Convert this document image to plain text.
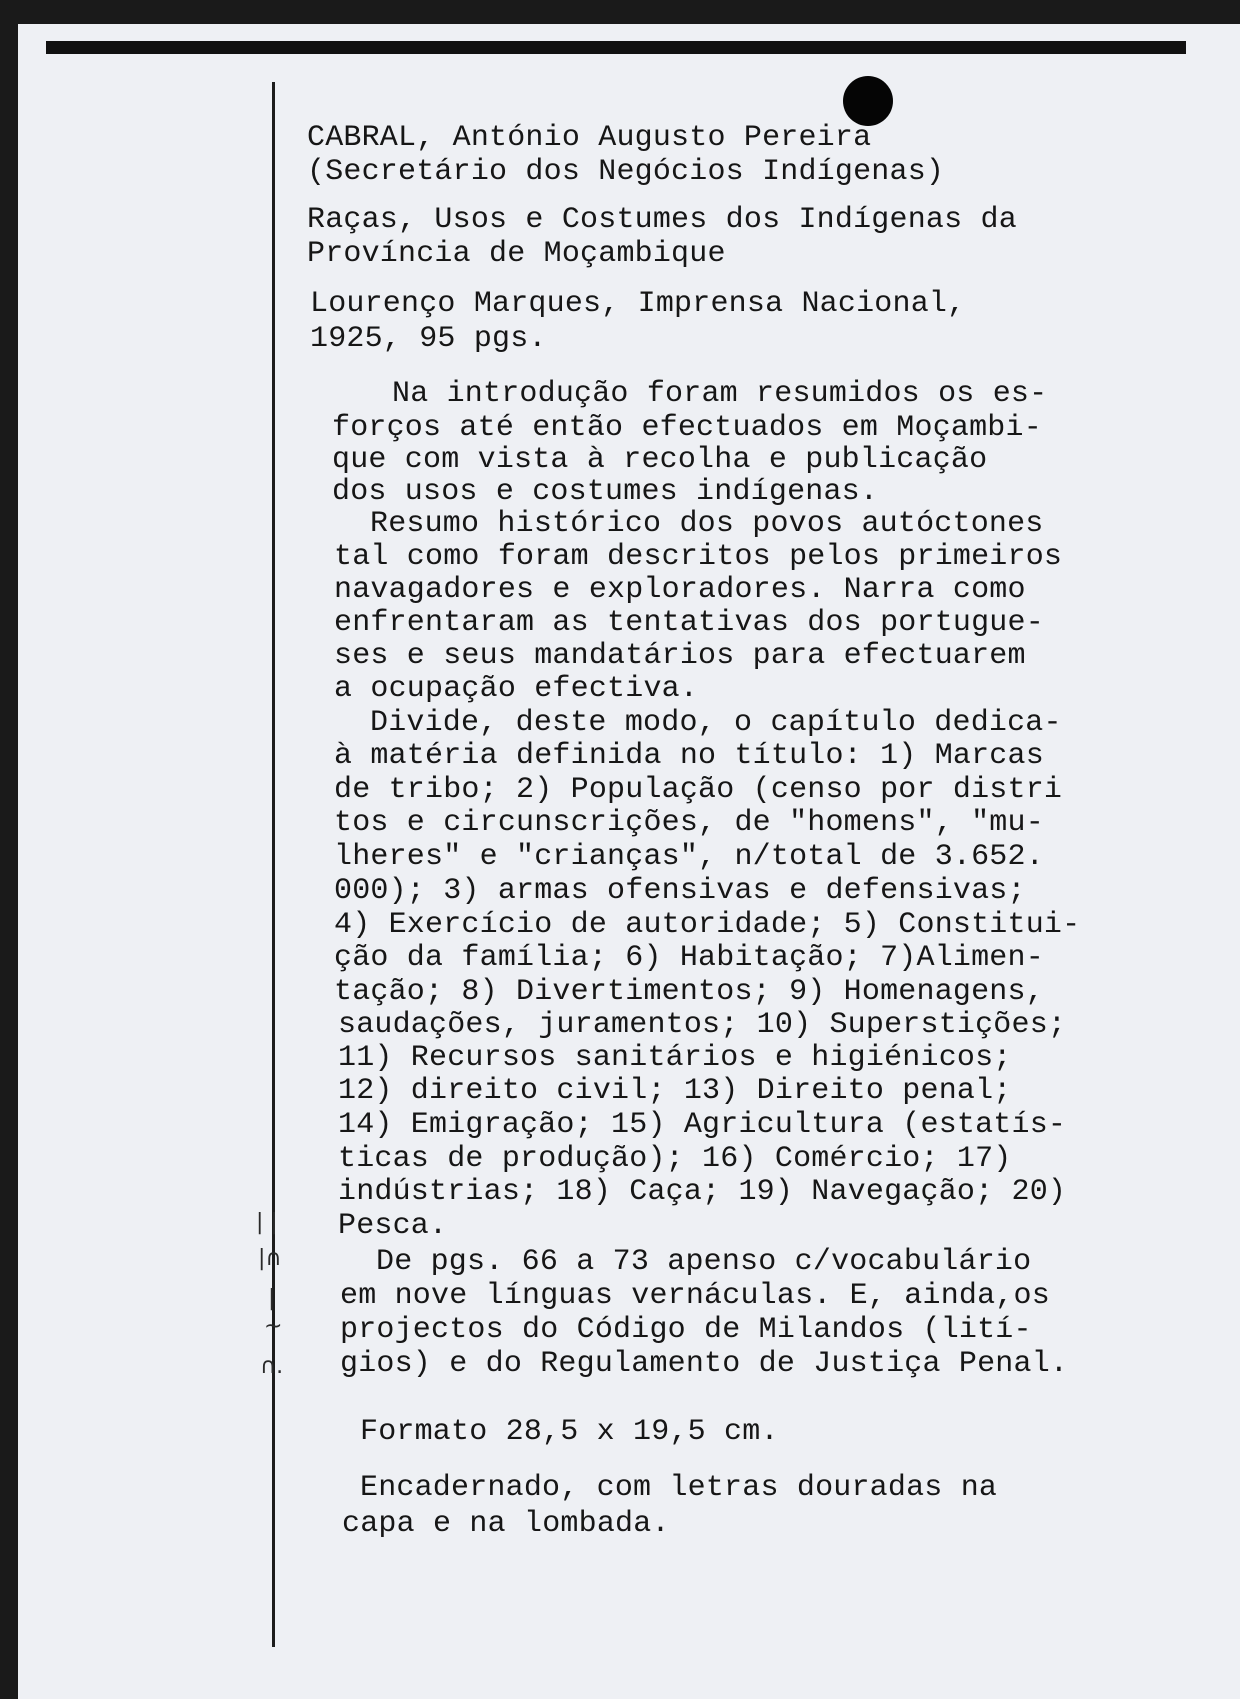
CABRAL, António Augusto Pereira

(Secretário dos Negócios Indígenas)

Raças, Usos e Costumes dos Indígenas da

Província de Moçambique

Lourenço Marques, Imprensa Nacional,

1925, 95 pgs.

Na introdução foram resumidos os es-

forços até então efectuados em Moçambi-

que com vista à recolha e publicação

dos usos e costumes indígenas.

Resumo histórico dos povos autóctones

tal como foram descritos pelos primeiros

navagadores e exploradores. Narra como

enfrentaram as tentativas dos portugue-

ses e seus mandatários para efectuarem

a ocupação efectiva.

Divide, deste modo, o capítulo dedica-

à matéria definida no título: 1) Marcas

de tribo; 2) População (censo por distri

tos e circunscrições, de "homens", "mu-

lheres" e "crianças", n/total de 3.652.

000); 3) armas ofensivas e defensivas;

4) Exercício de autoridade; 5) Constitui-

ção da família; 6) Habitação; 7)Alimen-

tação; 8) Divertimentos; 9) Homenagens,

saudações, juramentos; 10) Superstições;

11) Recursos sanitários e higiénicos;

12) direito civil; 13) Direito penal;

14) Emigração; 15) Agricultura (estatís-

ticas de produção); 16) Comércio; 17)

indústrias; 18) Caça; 19) Navegação; 20)

Pesca.

De pgs. 66 a 73 apenso c/vocabulário

em nove línguas vernáculas. E, ainda,os

projectos do Código de Milandos (lití-

gios) e do Regulamento de Justiça Penal.

Formato 28,5 x 19,5 cm.

Encadernado, com letras douradas na

capa e na lombada.

| |
|∩
|
~
∩.
